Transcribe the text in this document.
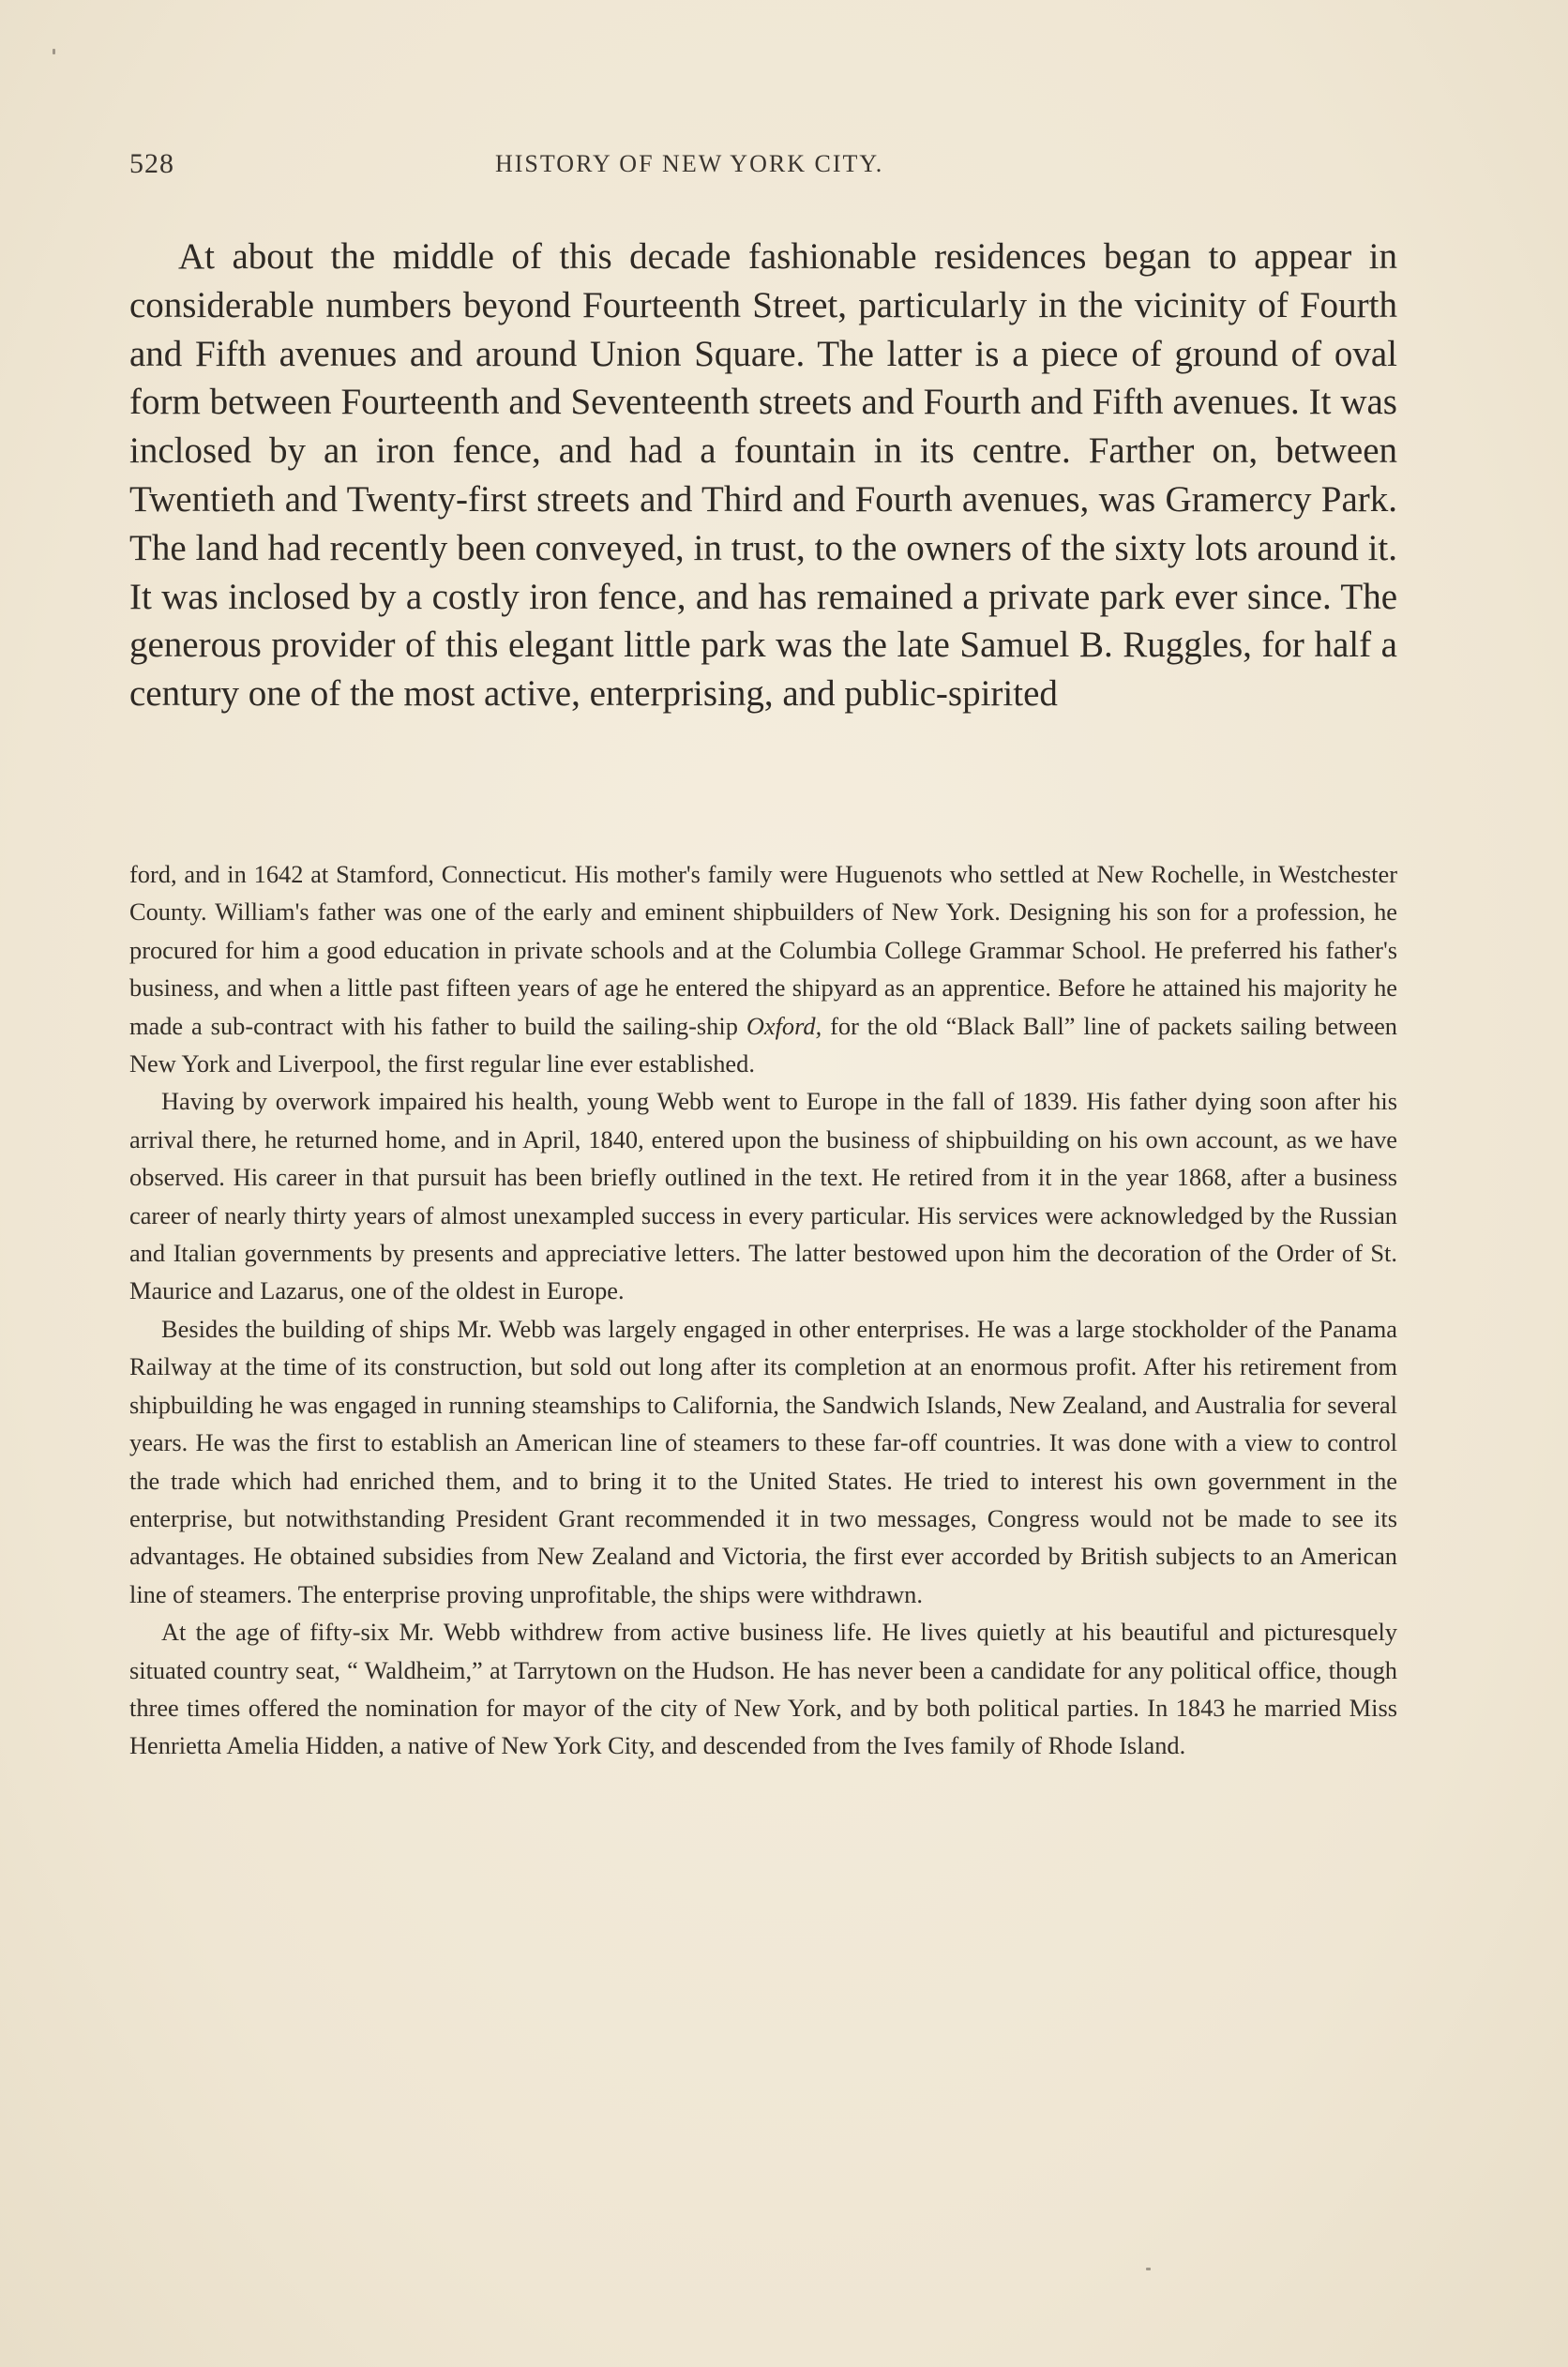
528	HISTORY OF NEW YORK CITY.

At about the middle of this decade fashionable residences began to appear in considerable numbers beyond Fourteenth Street, particularly in the vicinity of Fourth and Fifth avenues and around Union Square. The latter is a piece of ground of oval form between Fourteenth and Seventeenth streets and Fourth and Fifth avenues. It was inclosed by an iron fence, and had a fountain in its centre. Farther on, between Twentieth and Twenty-first streets and Third and Fourth avenues, was Gramercy Park. The land had recently been conveyed, in trust, to the owners of the sixty lots around it. It was inclosed by a costly iron fence, and has remained a private park ever since. The generous provider of this elegant little park was the late Samuel B. Ruggles, for half a century one of the most active, enterprising, and public-spirited

ford, and in 1642 at Stamford, Connecticut. His mother's family were Huguenots who settled at New Rochelle, in Westchester County. William's father was one of the early and eminent shipbuilders of New York. Designing his son for a profession, he procured for him a good education in private schools and at the Columbia College Grammar School. He preferred his father's business, and when a little past fifteen years of age he entered the shipyard as an apprentice. Before he attained his majority he made a sub-contract with his father to build the sailing-ship Oxford, for the old “Black Ball” line of packets sailing between New York and Liverpool, the first regular line ever established.

Having by overwork impaired his health, young Webb went to Europe in the fall of 1839. His father dying soon after his arrival there, he returned home, and in April, 1840, entered upon the business of shipbuilding on his own account, as we have observed. His career in that pursuit has been briefly outlined in the text. He retired from it in the year 1868, after a business career of nearly thirty years of almost unexampled success in every particular. His services were acknowledged by the Russian and Italian governments by presents and appreciative letters. The latter bestowed upon him the decoration of the Order of St. Maurice and Lazarus, one of the oldest in Europe.

Besides the building of ships Mr. Webb was largely engaged in other enterprises. He was a large stockholder of the Panama Railway at the time of its construction, but sold out long after its completion at an enormous profit. After his retirement from shipbuilding he was engaged in running steamships to California, the Sandwich Islands, New Zealand, and Australia for several years. He was the first to establish an American line of steamers to these far-off countries. It was done with a view to control the trade which had enriched them, and to bring it to the United States. He tried to interest his own government in the enterprise, but notwithstanding President Grant recommended it in two messages, Congress would not be made to see its advantages. He obtained subsidies from New Zealand and Victoria, the first ever accorded by British subjects to an American line of steamers. The enterprise proving unprofitable, the ships were withdrawn.

At the age of fifty-six Mr. Webb withdrew from active business life. He lives quietly at his beautiful and picturesquely situated country seat, “ Waldheim,” at Tarrytown on the Hudson. He has never been a candidate for any political office, though three times offered the nomination for mayor of the city of New York, and by both political parties. In 1843 he married Miss Henrietta Amelia Hidden, a native of New York City, and descended from the Ives family of Rhode Island.
